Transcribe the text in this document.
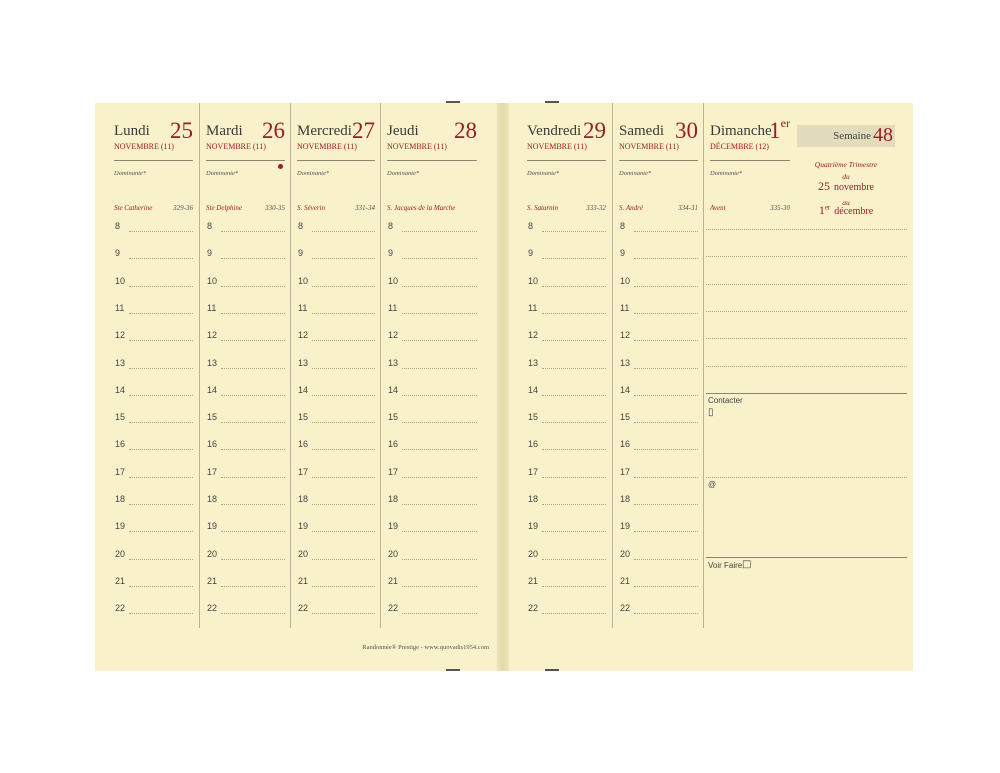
Lundi 25
NOVEMBRE (11)
Dominante*
Ste Catherine	329-36
8
9
10
11
12
13
14
15
16
17
18
19
20
21
22
Mardi 26
NOVEMBRE (11)
Dominante*
Ste Delphine	330-35
8
9
10
11
12
13
14
15
16
17
18
19
20
21
22
Mercredi 27
NOVEMBRE (11)
Dominante*
S. Séverin	331-34
8
9
10
11
12
13
14
15
16
17
18
19
20
21
22
Jeudi 28
NOVEMBRE (11)
Dominante*
S. Jacques de la Marche
8
9
10
11
12
13
14
15
16
17
18
19
20
21
22
Randonnée® Prestige - www.quovadis1954.com
Semaine 48
Quatrième Trimestre
du
25 novembre
au
1er décembre
Vendredi 29
NOVEMBRE (11)
Dominante*
S. Saturnin	333-32
8
9
10
11
12
13
14
15
16
17
18
19
20
21
22
Samedi 30
NOVEMBRE (11)
Dominante*
S. André	334-31
8
9
10
11
12
13
14
15
16
17
18
19
20
21
22
Dimanche
1er
DÉCEMBRE (12)
Dominante*
Avent	335-30
Contacter
▯
@
Voir Faire □
